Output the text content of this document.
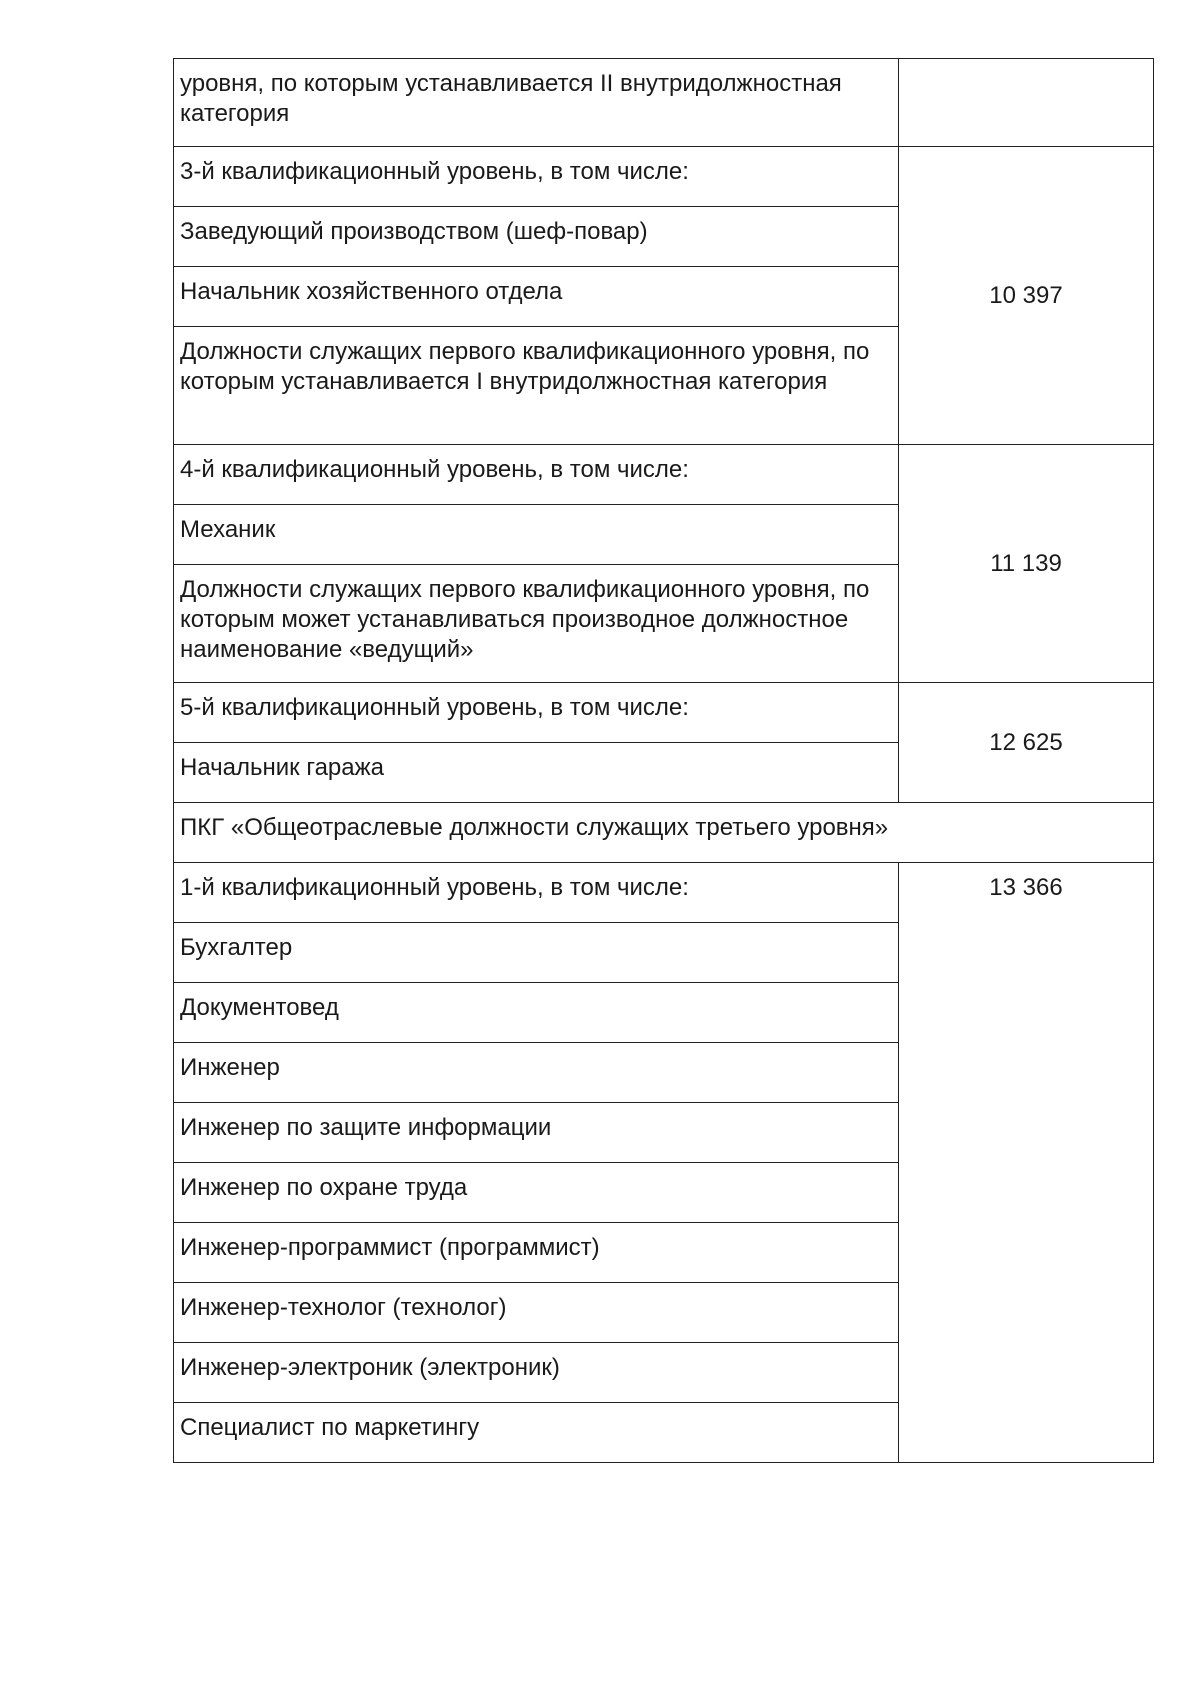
уровня, по которым устанавливается II внутридолжностная категория	
3-й квалификационный уровень, в том числе:	10 397
Заведующий производством (шеф-повар)	
Начальник хозяйственного отдела	
Должности служащих первого квалификационного уровня, по которым устанавливается I внутридолжностная категория	
4-й квалификационный уровень, в том числе:	11 139
Механик	
Должности служащих первого квалификационного уровня, по которым может устанавливаться производное должностное наименование «ведущий»	
5-й квалификационный уровень, в том числе:	12 625
Начальник гаража	
ПКГ «Общеотраслевые должности служащих третьего уровня»	
1-й квалификационный уровень, в том числе:	13 366
Бухгалтер	
Документовед	
Инженер	
Инженер по защите информации	
Инженер по охране труда	
Инженер-программист (программист)	
Инженер-технолог (технолог)	
Инженер-электроник (электроник)	
Специалист по маркетингу	
